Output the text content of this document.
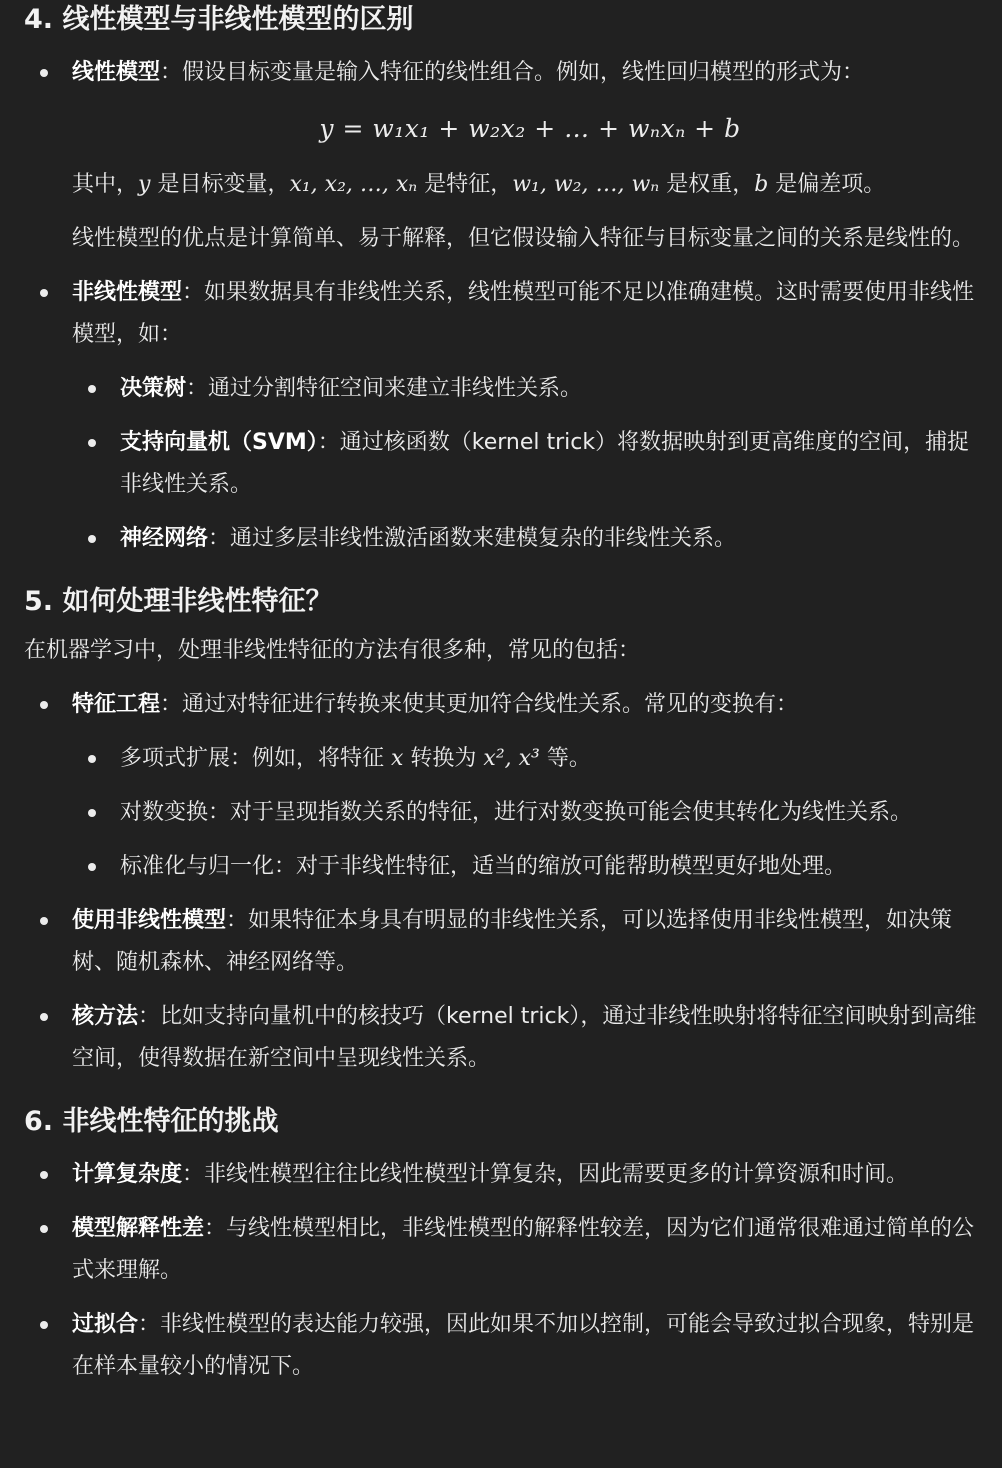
4. 线性模型与非线性模型的区别

线性模型：假设目标变量是输入特征的线性组合。例如，线性回归模型的形式为：

y = w₁x₁ + w₂x₂ + … + wₙxₙ + b

其中，y 是目标变量，x₁, x₂, …, xₙ 是特征，w₁, w₂, …, wₙ 是权重，b 是偏差项。

线性模型的优点是计算简单、易于解释，但它假设输入特征与目标变量之间的关系是线性的。

非线性模型：如果数据具有非线性关系，线性模型可能不足以准确建模。这时需要使用非线性模型，如：

决策树：通过分割特征空间来建立非线性关系。
支持向量机（SVM）：通过核函数（kernel trick）将数据映射到更高维度的空间，捕捉非线性关系。
神经网络：通过多层非线性激活函数来建模复杂的非线性关系。
5. 如何处理非线性特征？

在机器学习中，处理非线性特征的方法有很多种，常见的包括：

特征工程：通过对特征进行转换来使其更加符合线性关系。常见的变换有：

多项式扩展：例如，将特征 x 转换为 x², x³ 等。
对数变换：对于呈现指数关系的特征，进行对数变换可能会使其转化为线性关系。
标准化与归一化：对于非线性特征，适当的缩放可能帮助模型更好地处理。
使用非线性模型：如果特征本身具有明显的非线性关系，可以选择使用非线性模型，如决策树、随机森林、神经网络等。
核方法：比如支持向量机中的核技巧（kernel trick），通过非线性映射将特征空间映射到高维空间，使得数据在新空间中呈现线性关系。
6. 非线性特征的挑战
计算复杂度：非线性模型往往比线性模型计算复杂，因此需要更多的计算资源和时间。
模型解释性差：与线性模型相比，非线性模型的解释性较差，因为它们通常很难通过简单的公式来理解。
过拟合：非线性模型的表达能力较强，因此如果不加以控制，可能会导致过拟合现象，特别是在样本量较小的情况下。
